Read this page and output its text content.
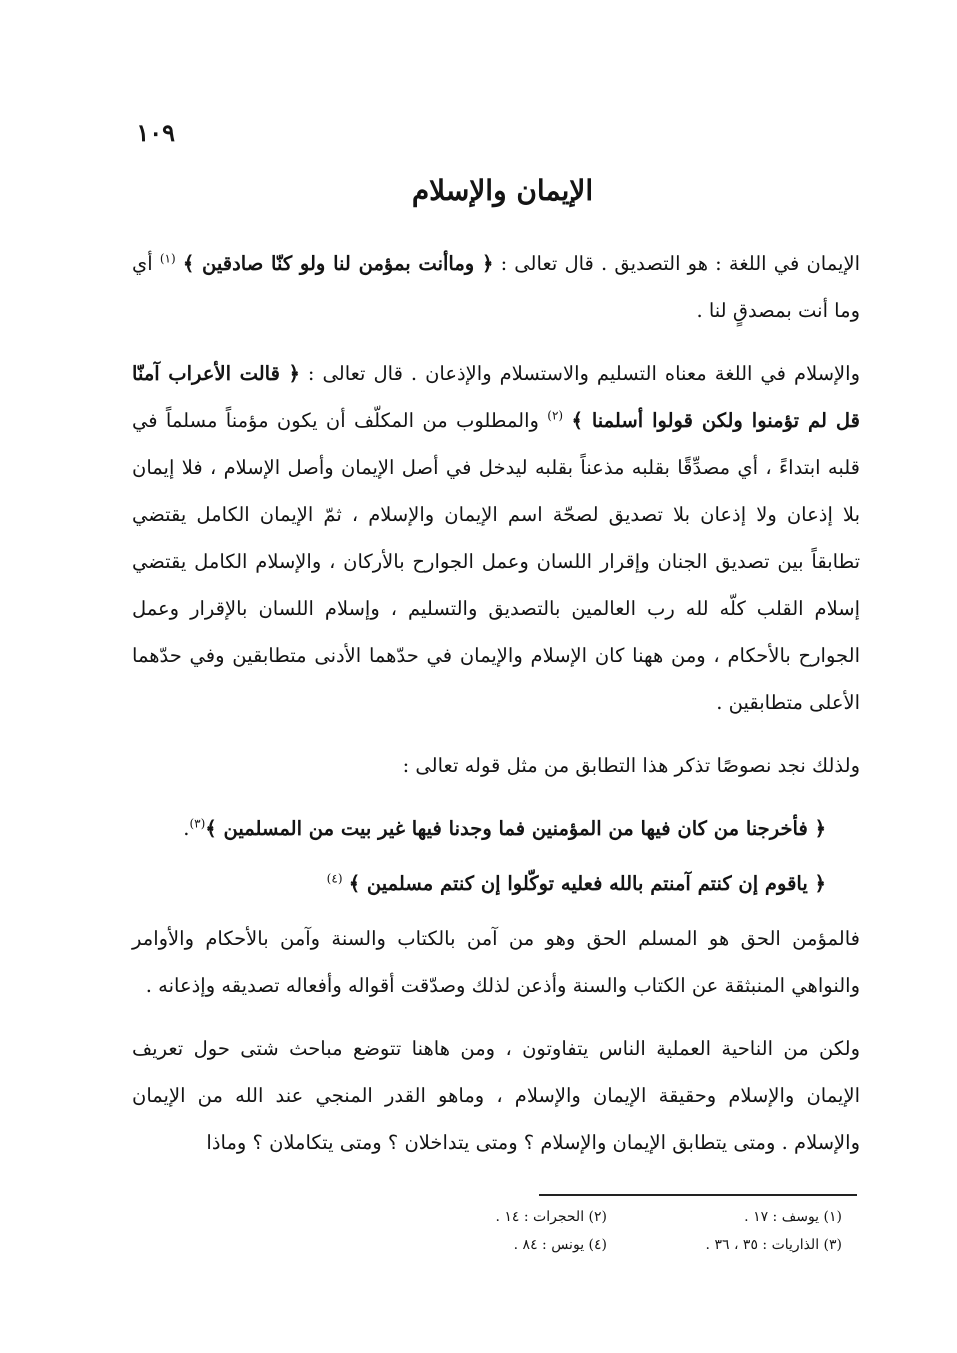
١٠٩
الإيمان والإسلام

الإيمان في اللغة : هو التصديق . قال تعالى : ﴿ وماأنت بمؤمن لنا ولو كنّا صادقين ﴾ $^{(١)}$ أي وما أنت بمصدقٍ لنا .

والإسلام في اللغة معناه التسليم والاستسلام والإذعان . قال تعالى : ﴿ قالت الأعراب آمنّا قل لم تؤمنوا ولكن قولوا أسلمنا ﴾ $^{(٢)}$ والمطلوب من المكلّف أن يكون مؤمناً مسلماً في قلبه ابتداءً ، أي مصدِّقًا بقلبه مذعناً بقلبه ليدخل في أصل الإيمان وأصل الإسلام ، فلا إيمان بلا إذعان ولا إذعان بلا تصديق لصحّة اسم الإيمان والإسلام ، ثمّ الإيمان الكامل يقتضي تطابقاً بين تصديق الجنان وإقرار اللسان وعمل الجوارح بالأركان ، والإسلام الكامل يقتضي إسلام القلب كلّه لله رب العالمين بالتصديق والتسليم ، وإسلام اللسان بالإقرار وعمل الجوارح بالأحكام ، ومن ههنا كان الإسلام والإيمان في حدّهما الأدنى متطابقين وفي حدّهما الأعلى متطابقين .

ولذلك نجد نصوصًا تذكر هذا التطابق من مثل قوله تعالى :

﴿ فأخرجنا من كان فيها من المؤمنين فما وجدنا فيها غير بيت من المسلمين ﴾$^{(٣)}$.

﴿ ياقوم إن كنتم آمنتم بالله فعليه توكّلوا إن كنتم مسلمين ﴾ $^{(٤)}$

فالمؤمن الحق هو المسلم الحق وهو من آمن بالكتاب والسنة وآمن بالأحكام والأوامر والنواهي المنبثقة عن الكتاب والسنة وأذعن لذلك وصدّقت أقواله وأفعاله تصديقه وإذعانه .

ولكن من الناحية العملية الناس يتفاوتون ، ومن هاهنا تتوضع مباحث شتى حول تعريف الإيمان والإسلام وحقيقة الإيمان والإسلام ، وماهو القدر المنجي عند الله من الإيمان والإسلام . ومتى يتطابق الإيمان والإسلام ؟ ومتى يتداخلان ؟ ومتى يتكاملان ؟ وماذا

(١) يوسف : ١٧ .
(٢) الحجرات : ١٤ .
(٣) الذاريات : ٣٥ ، ٣٦ .
(٤) يونس : ٨٤ .
